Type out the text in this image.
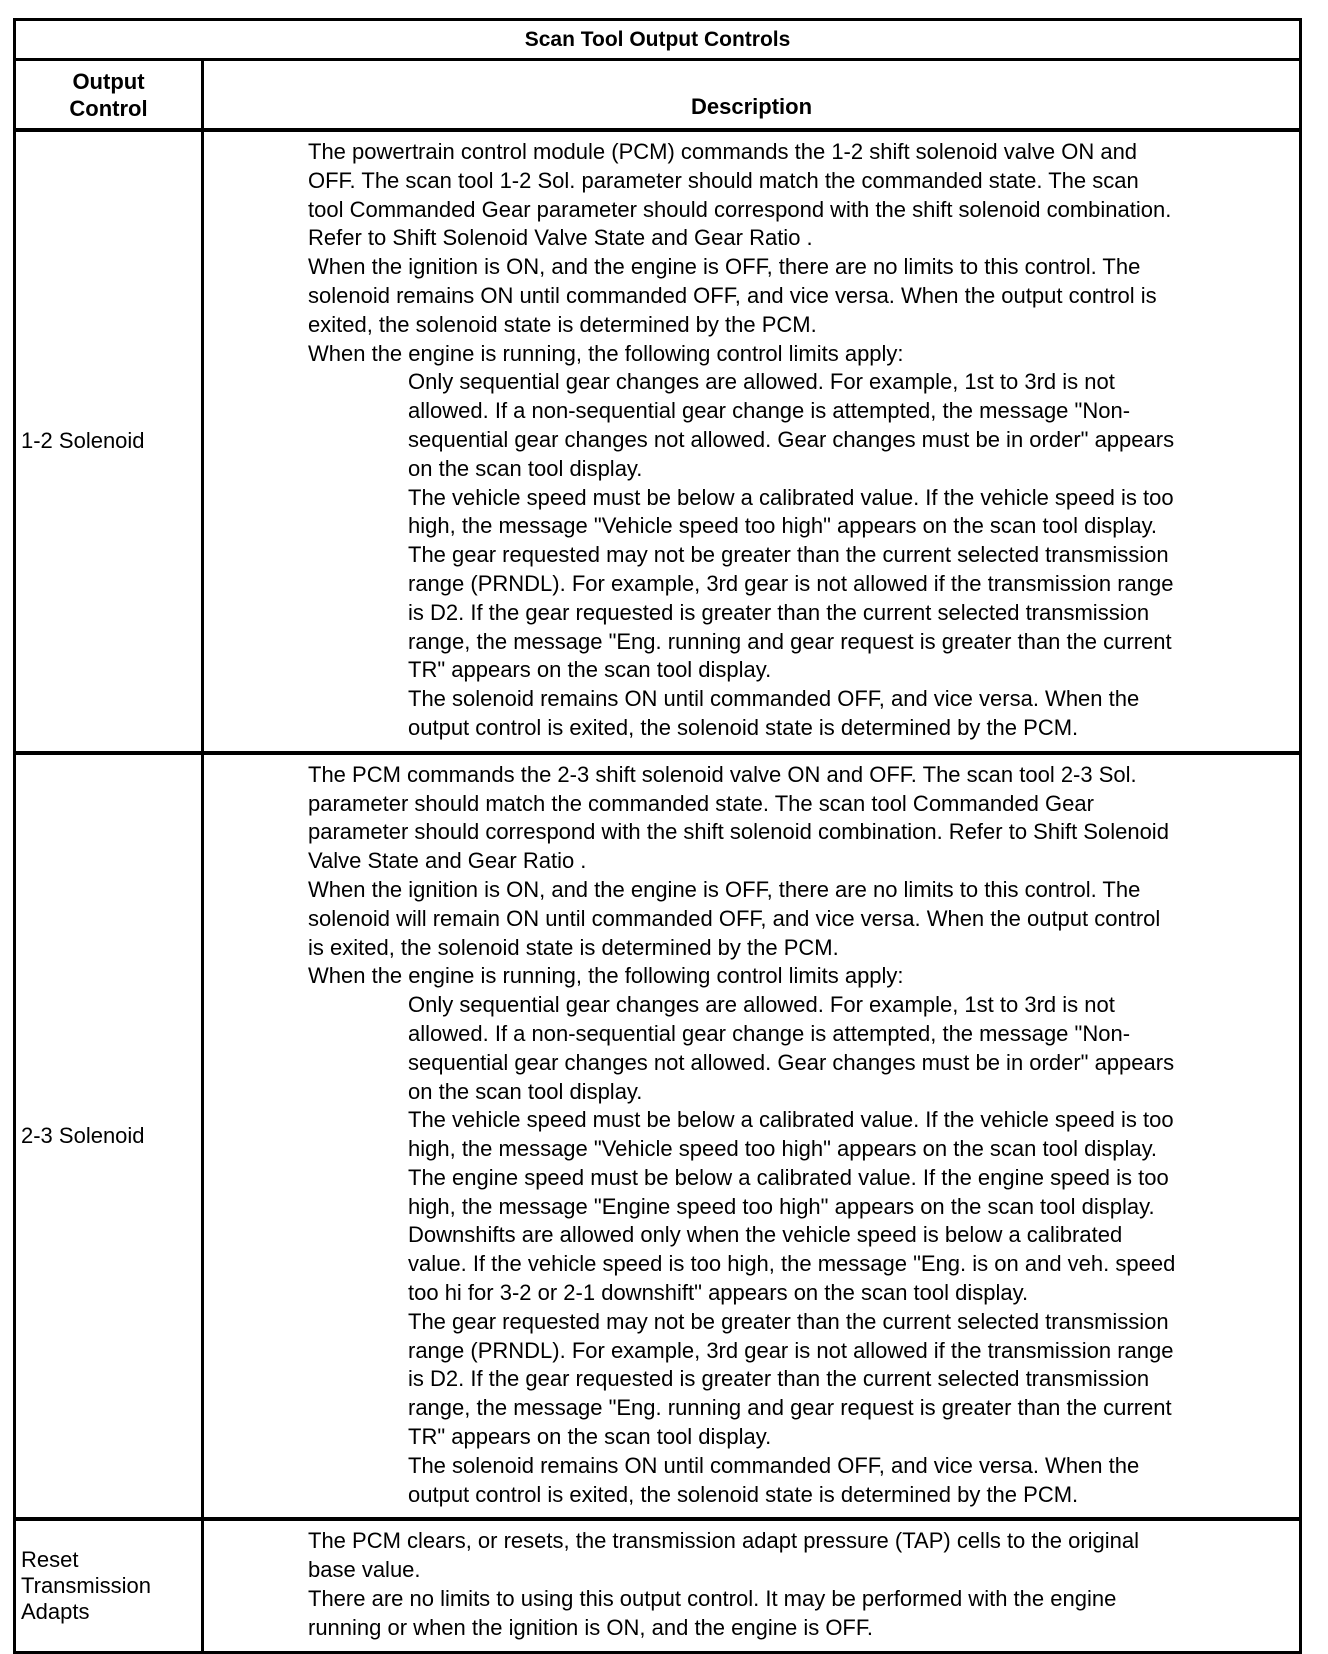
Scan Tool Output Controls
Output
Control	Description
1-2 Solenoid
The powertrain control module (PCM) commands the 1-2 shift solenoid valve ON and
OFF. The scan tool 1-2 Sol. parameter should match the commanded state. The scan
tool Commanded Gear parameter should correspond with the shift solenoid combination.
Refer to Shift Solenoid Valve State and Gear Ratio .
When the ignition is ON, and the engine is OFF, there are no limits to this control. The
solenoid remains ON until commanded OFF, and vice versa. When the output control is
exited, the solenoid state is determined by the PCM.
When the engine is running, the following control limits apply:
Only sequential gear changes are allowed. For example, 1st to 3rd is not
allowed. If a non-sequential gear change is attempted, the message "Non-
sequential gear changes not allowed. Gear changes must be in order" appears
on the scan tool display.
The vehicle speed must be below a calibrated value. If the vehicle speed is too
high, the message "Vehicle speed too high" appears on the scan tool display.
The gear requested may not be greater than the current selected transmission
range (PRNDL). For example, 3rd gear is not allowed if the transmission range
is D2. If the gear requested is greater than the current selected transmission
range, the message "Eng. running and gear request is greater than the current
TR" appears on the scan tool display.
The solenoid remains ON until commanded OFF, and vice versa. When the
output control is exited, the solenoid state is determined by the PCM.
2-3 Solenoid
The PCM commands the 2-3 shift solenoid valve ON and OFF. The scan tool 2-3 Sol.
parameter should match the commanded state. The scan tool Commanded Gear
parameter should correspond with the shift solenoid combination. Refer to Shift Solenoid
Valve State and Gear Ratio .
When the ignition is ON, and the engine is OFF, there are no limits to this control. The
solenoid will remain ON until commanded OFF, and vice versa. When the output control
is exited, the solenoid state is determined by the PCM.
When the engine is running, the following control limits apply:
Only sequential gear changes are allowed. For example, 1st to 3rd is not
allowed. If a non-sequential gear change is attempted, the message "Non-
sequential gear changes not allowed. Gear changes must be in order" appears
on the scan tool display.
The vehicle speed must be below a calibrated value. If the vehicle speed is too
high, the message "Vehicle speed too high" appears on the scan tool display.
The engine speed must be below a calibrated value. If the engine speed is too
high, the message "Engine speed too high" appears on the scan tool display.
Downshifts are allowed only when the vehicle speed is below a calibrated
value. If the vehicle speed is too high, the message "Eng. is on and veh. speed
too hi for 3-2 or 2-1 downshift" appears on the scan tool display.
The gear requested may not be greater than the current selected transmission
range (PRNDL). For example, 3rd gear is not allowed if the transmission range
is D2. If the gear requested is greater than the current selected transmission
range, the message "Eng. running and gear request is greater than the current
TR" appears on the scan tool display.
The solenoid remains ON until commanded OFF, and vice versa. When the
output control is exited, the solenoid state is determined by the PCM.
Reset
Transmission
Adapts
The PCM clears, or resets, the transmission adapt pressure (TAP) cells to the original
base value.
There are no limits to using this output control. It may be performed with the engine
running or when the ignition is ON, and the engine is OFF.
